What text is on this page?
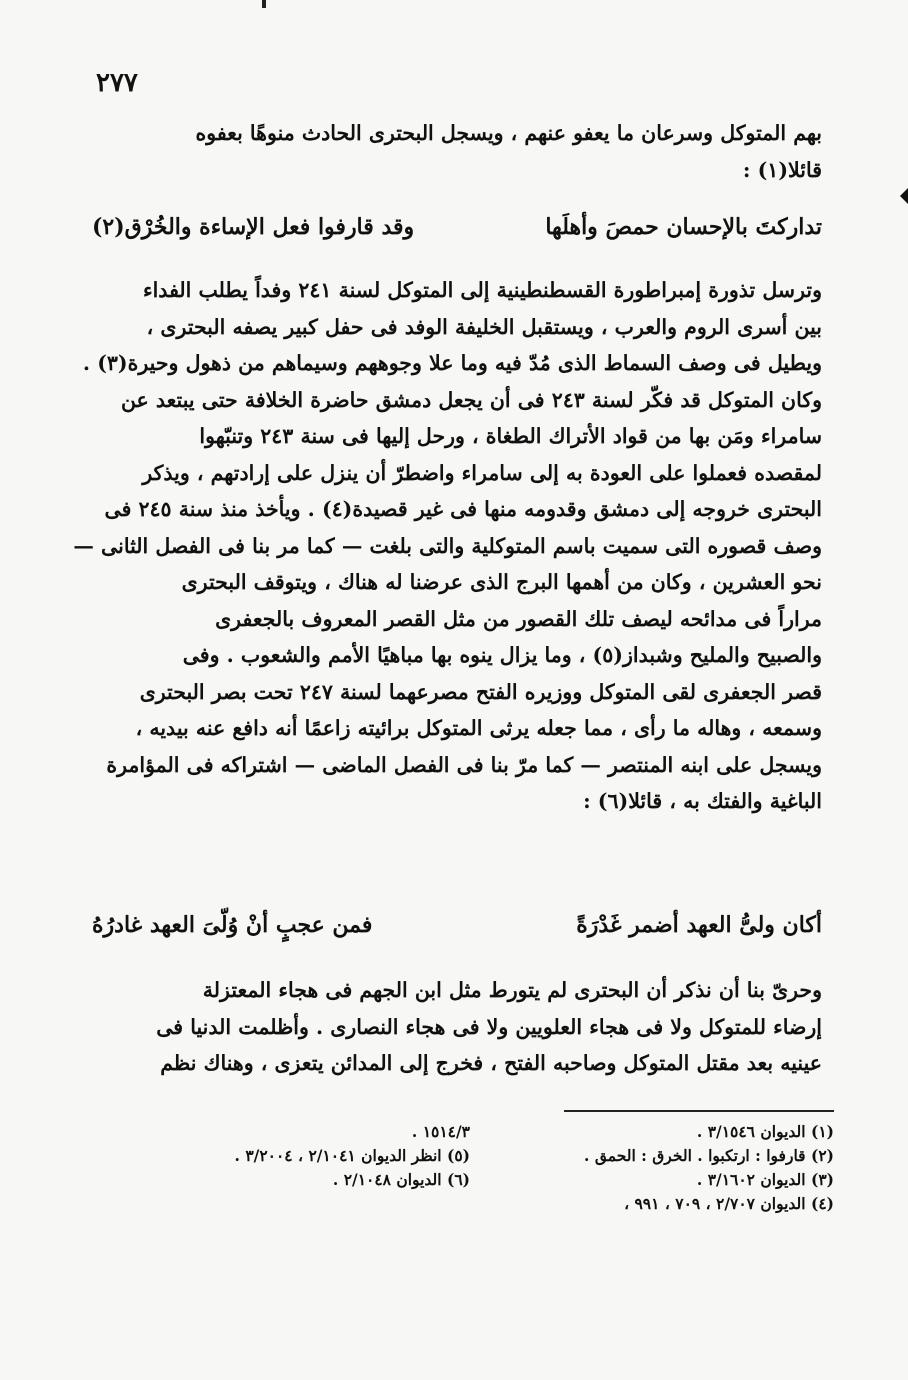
٢٧٧
بهم المتوكل وسرعان ما يعفو عنهم ، ويسجل البحترى الحادث منوهًا بعفوه
قائلا(١) :
تداركتَ بالإحسان حمصَ وأهلَها
وقد قارفوا فعل الإساءة والخُرْق(٢)
وترسل تذورة إمبراطورة القسطنطينية إلى المتوكل لسنة ٢٤١ وفداً يطلب الفداء
بين أسرى الروم والعرب ، ويستقبل الخليفة الوفد فى حفل كبير يصفه البحترى ،
ويطيل فى وصف السماط الذى مُدّ فيه وما علا وجوههم وسيماهم من ذهول وحيرة(٣) .
وكان المتوكل قد فكّر لسنة ٢٤٣ فى أن يجعل دمشق حاضرة الخلافة حتى يبتعد عن
سامراء ومَن بها من قواد الأتراك الطغاة ، ورحل إليها فى سنة ٢٤٣ وتنبّهوا
لمقصده فعملوا على العودة به إلى سامراء واضطرّ أن ينزل على إرادتهم ، ويذكر
البحترى خروجه إلى دمشق وقدومه منها فى غير قصيدة(٤) . ويأخذ منذ سنة ٢٤٥ فى
وصف قصوره التى سميت باسم المتوكلية والتى بلغت — كما مر بنا فى الفصل الثانى —
نحو العشرين ، وكان من أهمها البرج الذى عرضنا له هناك ، ويتوقف البحترى
مراراً فى مدائحه ليصف تلك القصور من مثل القصر المعروف بالجعفرى
والصبيح والمليح وشبداز(٥) ، وما يزال ينوه بها مباهيًا الأمم والشعوب . وفى
قصر الجعفرى لقى المتوكل ووزيره الفتح مصرعهما لسنة ٢٤٧ تحت بصر البحترى
وسمعه ، وهاله ما رأى ، مما جعله يرثى المتوكل برائيته زاعمًا أنه دافع عنه بيديه ،
ويسجل على ابنه المنتصر — كما مرّ بنا فى الفصل الماضى — اشتراكه فى المؤامرة
الباغية والفتك به ، قائلا(٦) :
أكان ولىُّ العهد أضمر غَدْرَةً
فمن عجبٍ أنْ وُلّىَ العهد غادرُهُ
وحرىّ بنا أن نذكر أن البحترى لم يتورط مثل ابن الجهم فى هجاء المعتزلة
إرضاء للمتوكل ولا فى هجاء العلويين ولا فى هجاء النصارى . وأظلمت الدنيا فى
عينيه بعد مقتل المتوكل وصاحبه الفتح ، فخرج إلى المدائن يتعزى ، وهناك نظم
(١) الديوان ٣/١٥٤٦ .
(٢) قارفوا : ارتكبوا . الخرق : الحمق .
(٣) الديوان ٣/١٦٠٢ .
(٤) الديوان ٢/٧٠٧ ، ٧٠٩ ، ٩٩١ ،
١٥١٤/٣ .
(٥) انظر الديوان ٢/١٠٤١ ، ٣/٢٠٠٤ .
(٦) الديوان ٢/١٠٤٨ .
